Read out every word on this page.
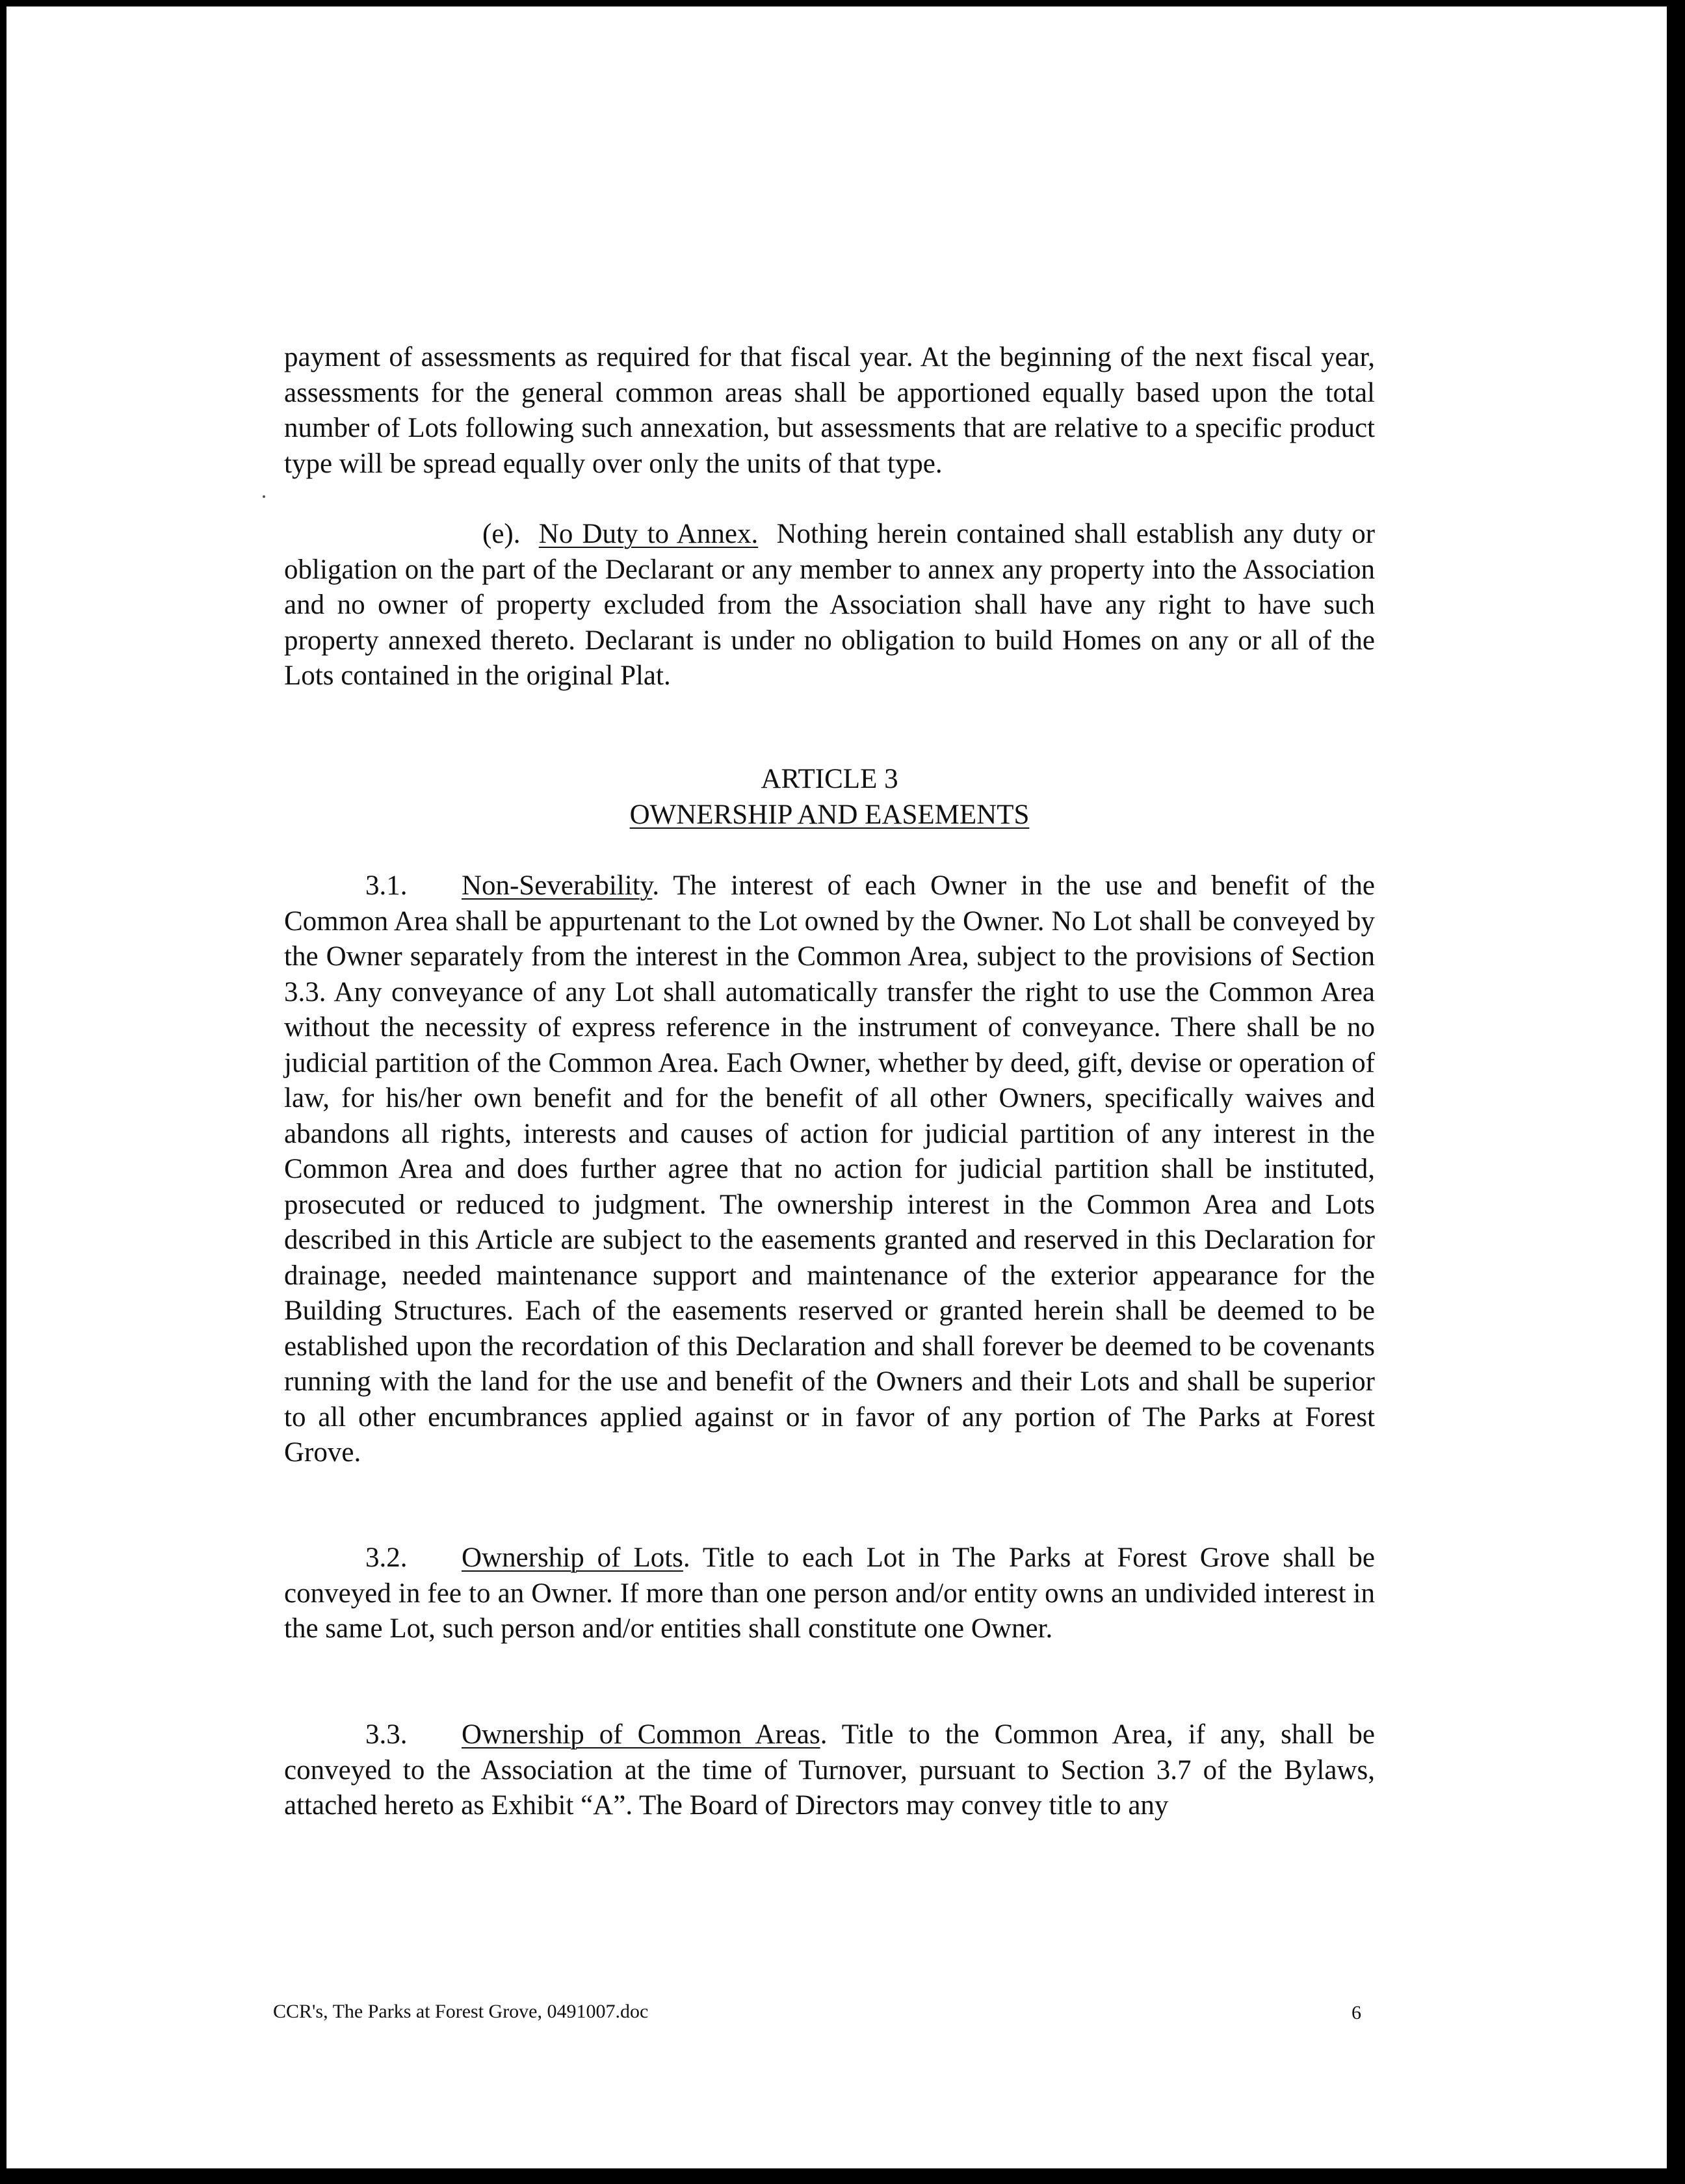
payment of assessments as required for that fiscal year. At the beginning of the next fiscal year, assessments for the general common areas shall be apportioned equally based upon the total number of Lots following such annexation, but assessments that are relative to a specific product type will be spread equally over only the units of that type.

(e). No Duty to Annex. Nothing herein contained shall establish any duty or obligation on the part of the Declarant or any member to annex any property into the Association and no owner of property excluded from the Association shall have any right to have such property annexed thereto. Declarant is under no obligation to build Homes on any or all of the Lots contained in the original Plat.

ARTICLE 3
OWNERSHIP AND EASEMENTS

3.1. Non-Severability. The interest of each Owner in the use and benefit of the Common Area shall be appurtenant to the Lot owned by the Owner. No Lot shall be conveyed by the Owner separately from the interest in the Common Area, subject to the provisions of Section 3.3. Any conveyance of any Lot shall automatically transfer the right to use the Common Area without the necessity of express reference in the instrument of conveyance. There shall be no judicial partition of the Common Area. Each Owner, whether by deed, gift, devise or operation of law, for his/her own benefit and for the benefit of all other Owners, specifically waives and abandons all rights, interests and causes of action for judicial partition of any interest in the Common Area and does further agree that no action for judicial partition shall be instituted, prosecuted or reduced to judgment. The ownership interest in the Common Area and Lots described in this Article are subject to the easements granted and reserved in this Declaration for drainage, needed maintenance support and maintenance of the exterior appearance for the Building Structures. Each of the easements reserved or granted herein shall be deemed to be established upon the recordation of this Declaration and shall forever be deemed to be covenants running with the land for the use and benefit of the Owners and their Lots and shall be superior to all other encumbrances applied against or in favor of any portion of The Parks at Forest Grove.

3.2. Ownership of Lots. Title to each Lot in The Parks at Forest Grove shall be conveyed in fee to an Owner. If more than one person and/or entity owns an undivided interest in the same Lot, such person and/or entities shall constitute one Owner.

3.3. Ownership of Common Areas. Title to the Common Area, if any, shall be conveyed to the Association at the time of Turnover, pursuant to Section 3.7 of the Bylaws, attached hereto as Exhibit “A”. The Board of Directors may convey title to any

CCR's, The Parks at Forest Grove, 0491007.doc	6
